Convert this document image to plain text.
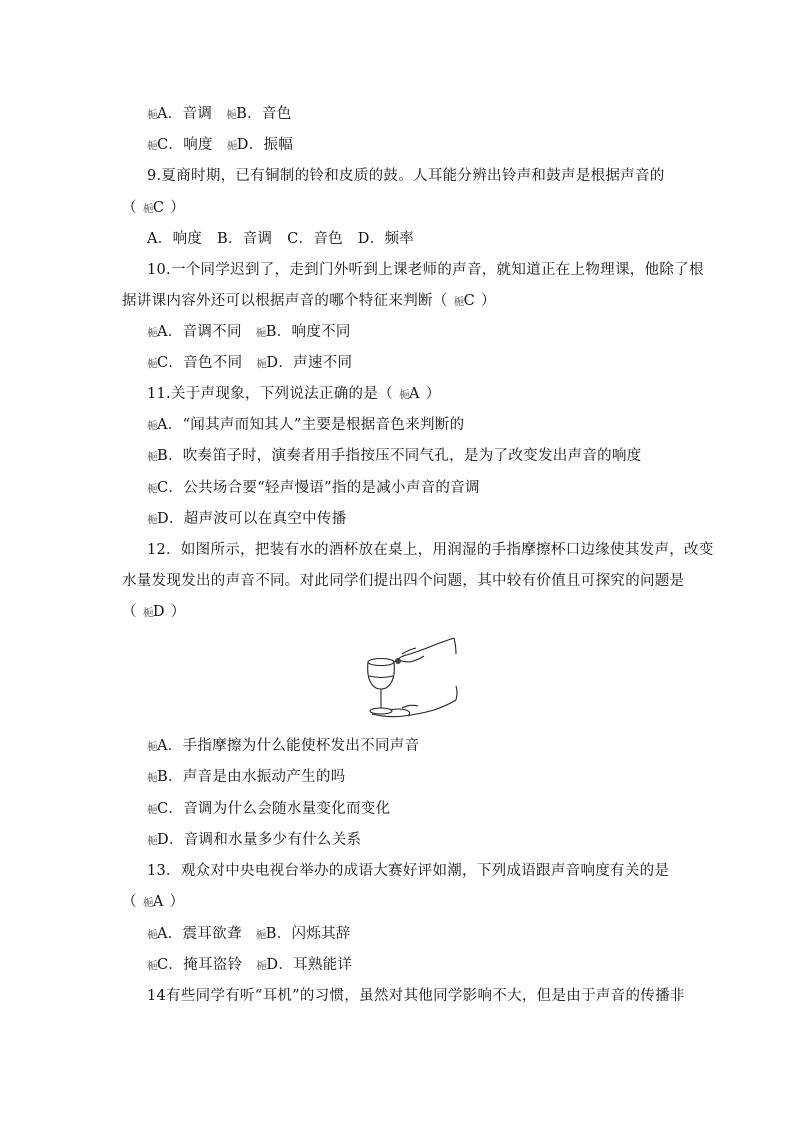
梔A．音调 梔B．音色
梔C．响度 梔D．振幅
9.夏商时期，已有铜制的铃和皮质的鼓。人耳能分辨出铃声和鼓声是根据声音的
（ 梔C ）
A．响度　B．音调　C．音色　D．频率
10.一个同学迟到了，走到门外听到上课老师的声音，就知道正在上物理课，他除了根
据讲课内容外还可以根据声音的哪个特征来判断（ 梔C ）
梔A．音调不同 梔B．响度不同
梔C．音色不同 梔D．声速不同
11.关于声现象，下列说法正确的是（ 梔A ）
梔A．“闻其声而知其人”主要是根据音色来判断的
梔B．吹奏笛子时，演奏者用手指按压不同气孔，是为了改变发出声音的响度
梔C．公共场合要“轻声慢语”指的是减小声音的音调
梔D．超声波可以在真空中传播
12．如图所示，把装有水的酒杯放在桌上，用润湿的手指摩擦杯口边缘使其发声，改变
水量发现发出的声音不同。对此同学们提出四个问题，其中较有价值且可探究的问题是
（ 梔D ）
梔A．手指摩擦为什么能使杯发出不同声音
梔B．声音是由水振动产生的吗
梔C．音调为什么会随水量变化而变化
梔D．音调和水量多少有什么关系
13．观众对中央电视台举办的成语大赛好评如潮，下列成语跟声音响度有关的是
（ 梔A ）
梔A．震耳欲聋 梔B．闪烁其辞
梔C．掩耳盗铃 梔D．耳熟能详
14有些同学有听“耳机”的习惯，虽然对其他同学影响不大，但是由于声音的传播非
